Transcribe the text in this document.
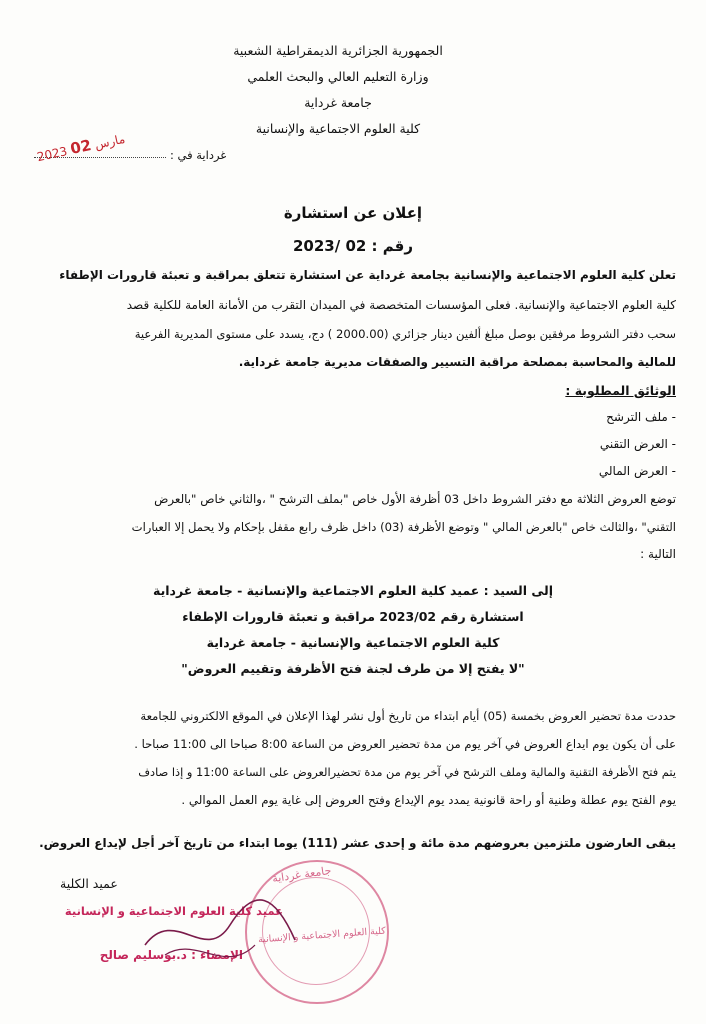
الجمهورية الجزائرية الديمقراطية الشعبية
وزارة التعليم العالي والبحث العلمي
جامعة غرداية
كلية العلوم الاجتماعية والإنسانية
غرداية في :
2023 مارس 02
إعلان عن استشارة
رقم : 02 /2023
تعلن كلية العلوم الاجتماعية والإنسانية بجامعة غرداية عن استشارة تتعلق بمراقبة و تعبئة قارورات الإطفاء
كلية العلوم الاجتماعية والإنسانية. فعلى المؤسسات المتخصصة في الميدان التقرب من الأمانة العامة للكلية قصد
سحب دفتر الشروط مرفقين بوصل مبلغ ألفين دينار جزائري (2000.00 ) دج، يسدد على مستوى المديرية الفرعية
للمالية والمحاسبة بمصلحة مراقبة التسيير والصفقات مديرية جامعة غرداية.
الوثائق المطلوبة :
- ملف الترشح
- العرض التقني
- العرض المالي
توضع العروض الثلاثة مع دفتر الشروط داخل 03 أظرفة الأول خاص "بملف الترشح " ،والثاني خاص "بالعرض
التقني" ،والثالث خاص "بالعرض المالي " وتوضع الأظرفة (03) داخل ظرف رابع مقفل بإحكام ولا يحمل إلا العبارات
التالية :
إلى السيد : عميد كلية العلوم الاجتماعية والإنسانية - جامعة غرداية
استشارة رقم 2023/02 مراقبة و تعبئة قارورات الإطفاء
كلية العلوم الاجتماعية والإنسانية - جامعة غرداية
"لا يفتح إلا من طرف لجنة فتح الأظرفة وتقييم العروض"
حددت مدة تحضير العروض بخمسة (05) أيام ابتداء من تاريخ أول نشر لهذا الإعلان في الموقع الالكتروني للجامعة
على أن يكون يوم ايداع العروض في آخر يوم من مدة تحضير العروض من الساعة 8:00 صباحا الى 11:00 صباحا .
يتم فتح الأظرفة التقنية والمالية وملف الترشح في آخر يوم من مدة تحضيرالعروض على الساعة 11:00 و إذا صادف
يوم الفتح يوم عطلة وطنية أو راحة قانونية يمدد يوم الإيداع وفتح العروض إلى غاية يوم العمل الموالي .
يبقى العارضون ملتزمين بعروضهم مدة مائة و إحدى عشر (111) يوما ابتداء من تاريخ آخر أجل لإيداع العروض.
عميد الكلية	جامعة غرداية
كلية العلوم الاجتماعية و الإنسانية
عميد كلية العلوم الاجتماعية و الإنسانية
الإمضاء : د.بوسليم صالح
